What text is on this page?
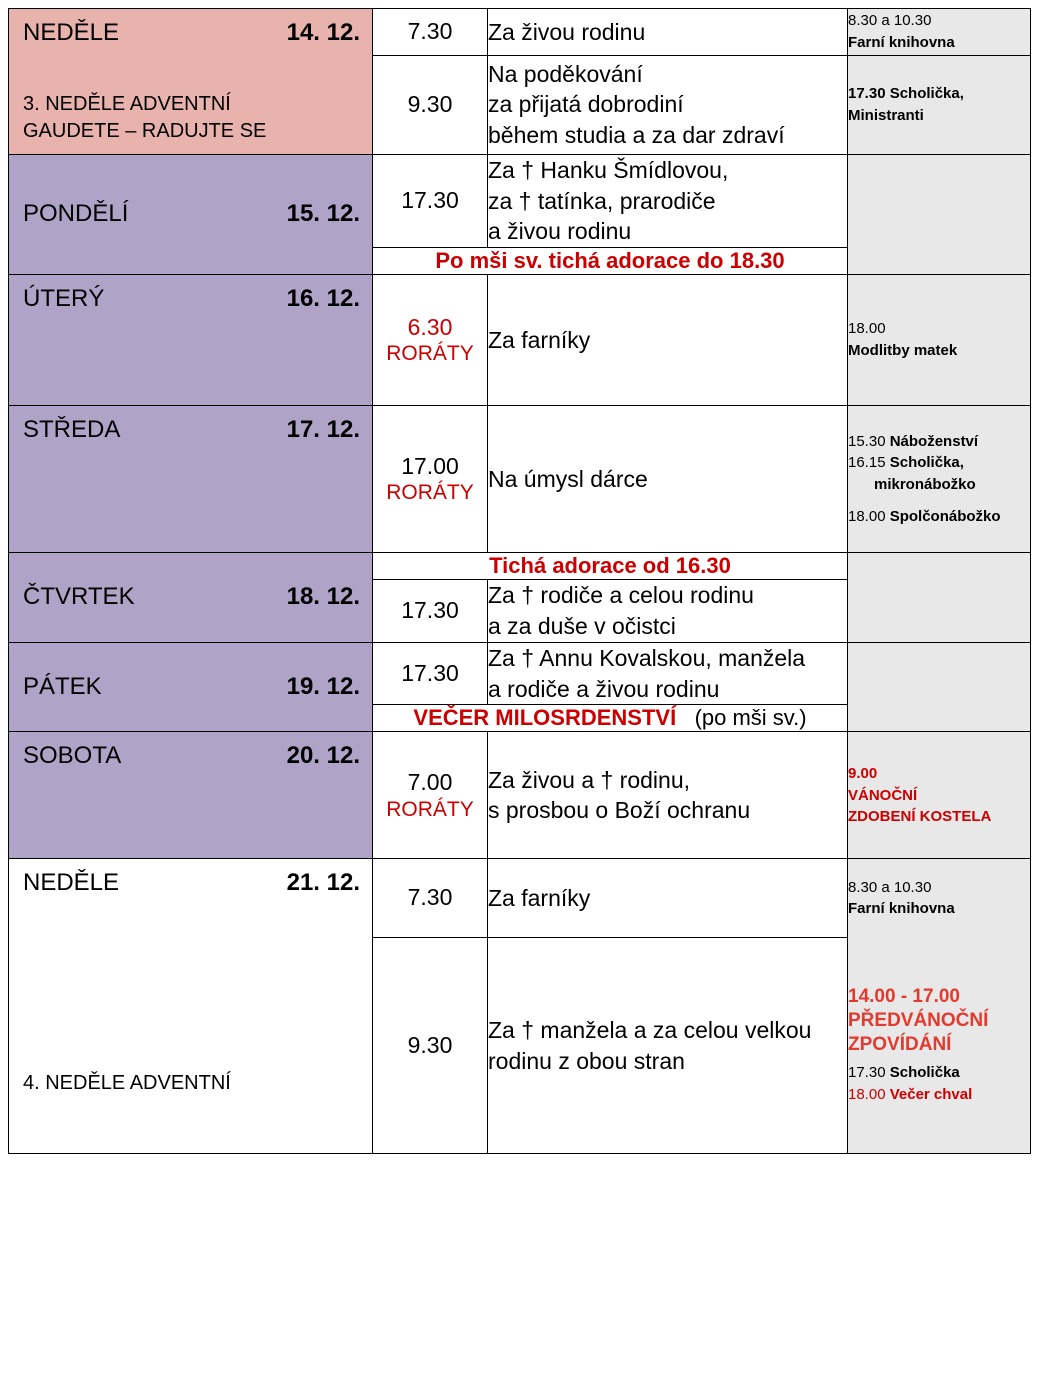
NEDĚLE	14. 12.
3. NEDĚLE ADVENTNÍ
GAUDETE – RADUJTE SE
	7.30	Za živou rodinu	8.30 a 10.30
Farní knihovna

	9.30	Na poděkování
za přijatá dobrodiní
během studia a za dar zdraví	17.30 Scholička,
Ministranti

PONDĚLÍ 15. 12.	17.30	Za † Hanku Šmídlovou,
za † tatínka, prarodiče
a živou rodinu	

	Po mši sv. tichá adorace do 18.30		

ÚTERÝ 16. 12.	6.30
RORÁTY	Za farníky	18.00
Modlitby matek

STŘEDA 17. 12.	17.00
RORÁTY	Na úmysl dárce	15.30 Náboženství
16.15 Scholička,
mikronábožko
18.00 Spolčonábožko

ČTVRTEK 18. 12.	Tichá adorace od 16.30		
	17.30	Za † rodiče a celou rodinu
a za duše v očistci	

PÁTEK 19. 12.	17.30	Za † Annu Kovalskou, manžela
a rodiče a živou rodinu	

	VEČER MILOSRDENSTVÍ (po mši sv.)		

SOBOTA 20. 12.	7.00
RORÁTY	Za živou a † rodinu,
s prosbou o Boží ochranu	9.00
VÁNOČNÍ
ZDOBENÍ KOSTELA

NEDĚLE	21. 12.
4. NEDĚLE ADVENTNÍ
	7.30	Za farníky	8.30 a 10.30
Farní knihovna

	9.30	Za † manžela a za celou velkou
rodinu z obou stran	14.00 - 17.00
PŘEDVÁNOČNÍ
ZPOVÍDÁNÍ
17.30 Scholička
18.00 Večer chval
